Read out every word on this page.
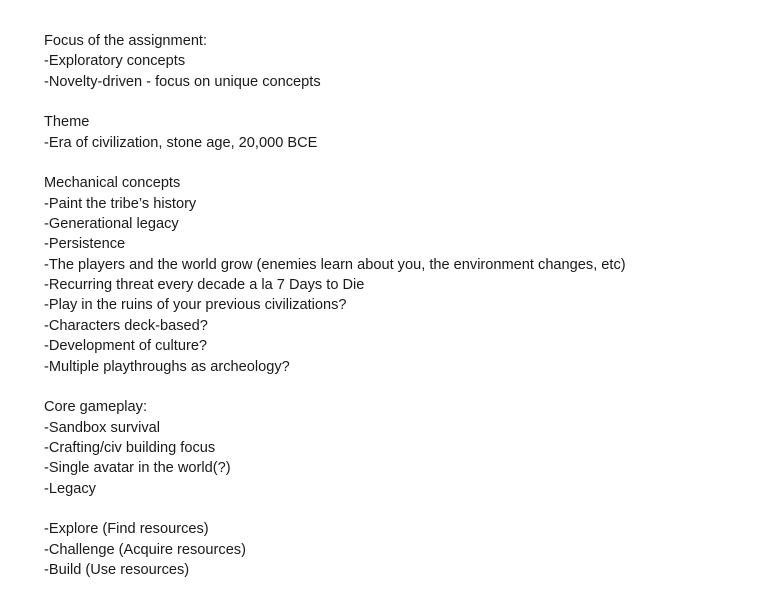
Focus of the assignment:
-Exploratory concepts
-Novelty-driven - focus on unique concepts
Theme
-Era of civilization, stone age, 20,000 BCE
Mechanical concepts
-Paint the tribe’s history
-Generational legacy
-Persistence
-The players and the world grow (enemies learn about you, the environment changes, etc)
-Recurring threat every decade a la 7 Days to Die
-Play in the ruins of your previous civilizations?
-Characters deck-based?
-Development of culture?
-Multiple playthroughs as archeology?
Core gameplay:
-Sandbox survival
-Crafting/civ building focus
-Single avatar in the world(?)
-Legacy
-Explore (Find resources)
-Challenge (Acquire resources)
-Build (Use resources)
